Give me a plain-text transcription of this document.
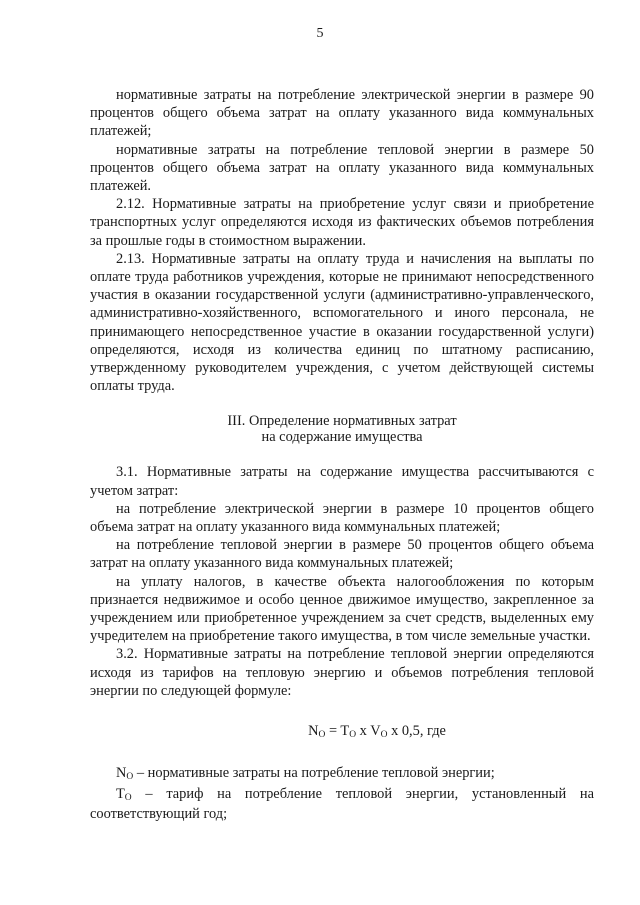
5

нормативные затраты на потребление электрической энергии в размере 90 процентов общего объема затрат на оплату указанного вида коммунальных платежей;

нормативные затраты на потребление тепловой энергии в размере 50 процентов общего объема затрат на оплату указанного вида коммунальных платежей.

2.12. Нормативные затраты на приобретение услуг связи и приобретение транспортных услуг определяются исходя из фактических объемов потребления за прошлые годы в стоимостном выражении.

2.13. Нормативные затраты на оплату труда и начисления на выплаты по оплате труда работников учреждения, которые не принимают непосредственного участия в оказании государственной услуги (административно-управленческого, административно-хозяйственного, вспомогательного и иного персонала, не принимающего непосредственное участие в оказании государственной услуги) определяются, исходя из количества единиц по штатному расписанию, утвержденному руководителем учреждения, с учетом действующей системы оплаты труда.

III. Определение нормативных затрат
на содержание имущества

3.1. Нормативные затраты на содержание имущества рассчитываются с учетом затрат:

на потребление электрической энергии в размере 10 процентов общего объема затрат на оплату указанного вида коммунальных платежей;

на потребление тепловой энергии в размере 50 процентов общего объема затрат на оплату указанного вида коммунальных платежей;

на уплату налогов, в качестве объекта налогообложения по которым признается недвижимое и особо ценное движимое имущество, закрепленное за учреждением или приобретенное учреждением за счет средств, выделенных ему учредителем на приобретение такого имущества, в том числе земельные участки.

3.2. Нормативные затраты на потребление тепловой энергии определяются исходя из тарифов на тепловую энергию и объемов потребления тепловой энергии по следующей формуле:

$N_O = T_O$ x $V_O$ x 0,5, где

$N_O$ – нормативные затраты на потребление тепловой энергии;

$T_O$ – тариф на потребление тепловой энергии, установленный на соответствующий год;
